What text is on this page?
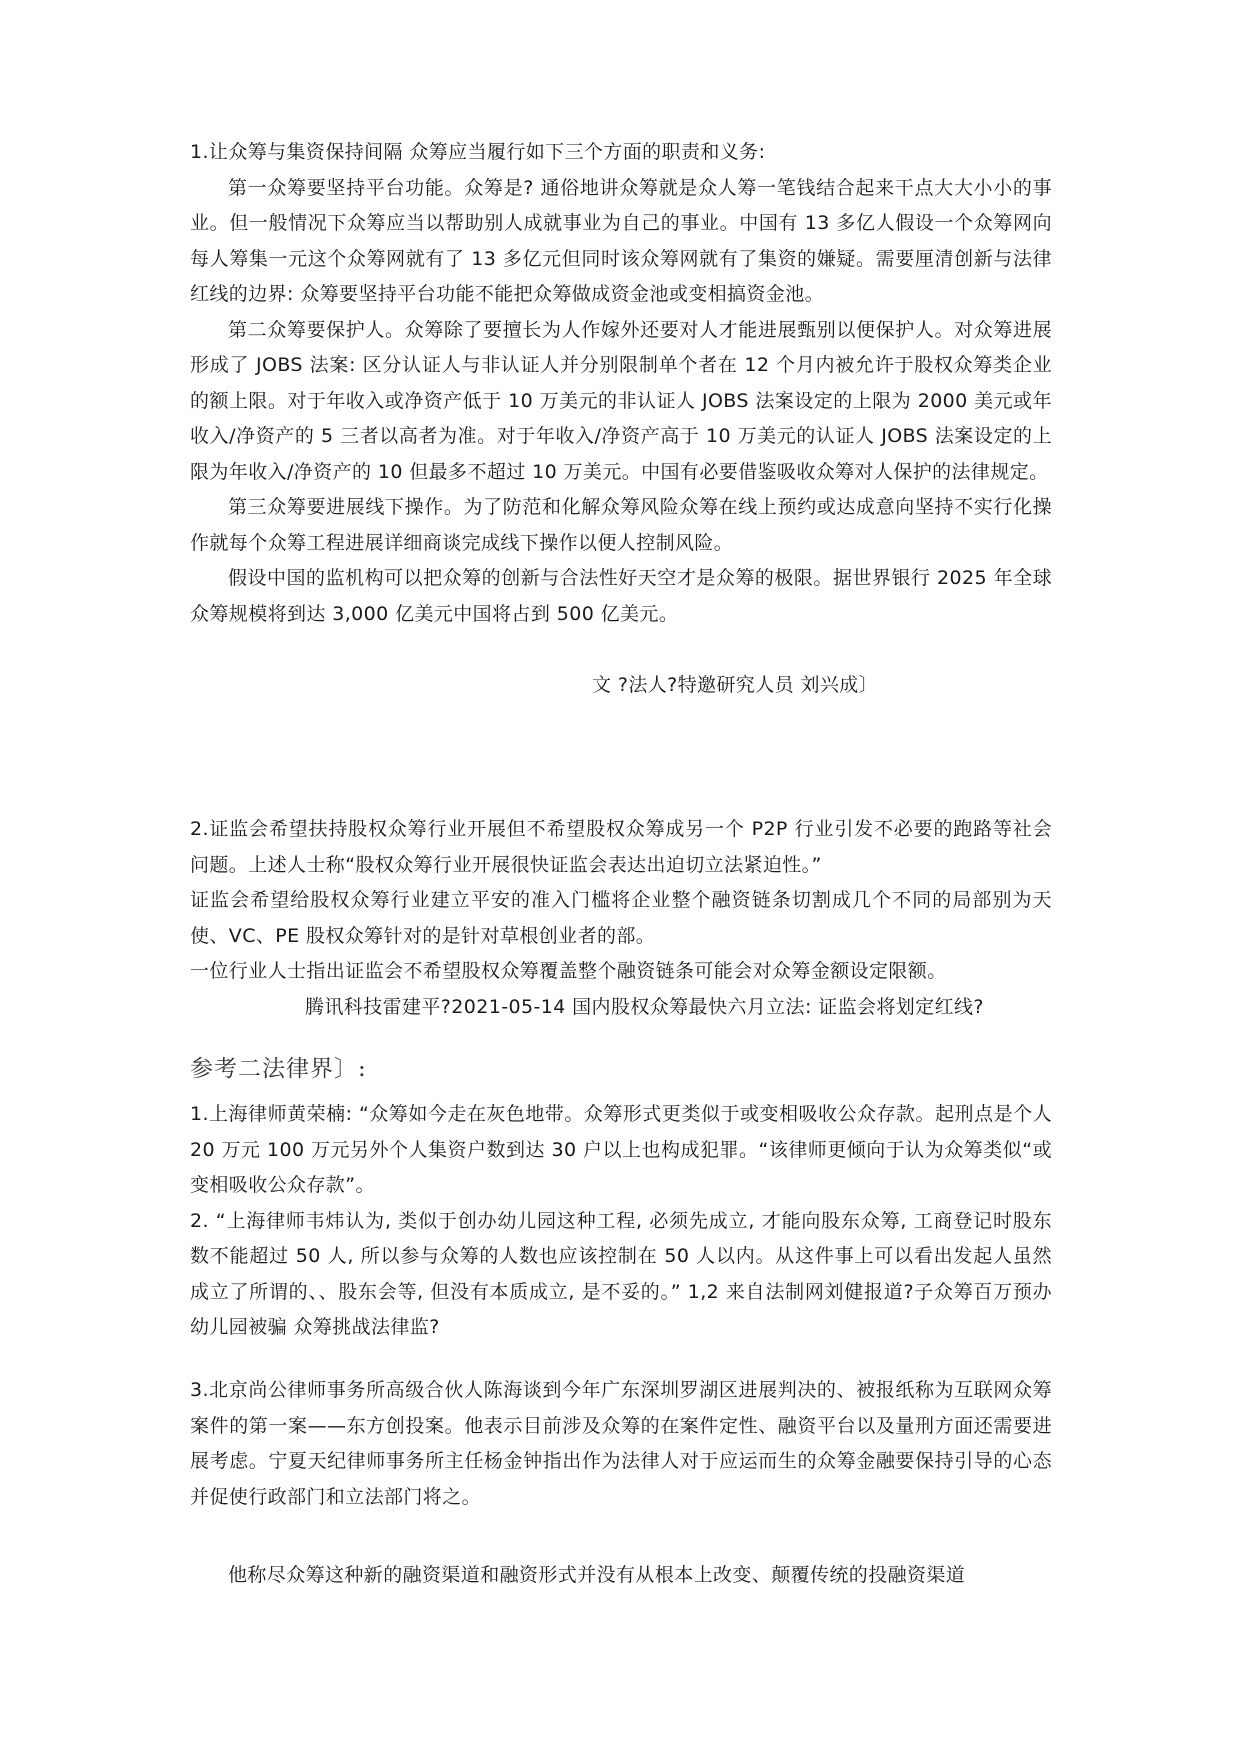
1.让众筹与集资保持间隔 众筹应当履行如下三个方面的职责和义务:

第一众筹要坚持平台功能。众筹是? 通俗地讲众筹就是众人筹一笔钱结合起来干点大大小小的事业。但一般情况下众筹应当以帮助别人成就事业为自己的事业。中国有 13 多亿人假设一个众筹网向每人筹集一元这个众筹网就有了 13 多亿元但同时该众筹网就有了集资的嫌疑。需要厘清创新与法律红线的边界: 众筹要坚持平台功能不能把众筹做成资金池或变相搞资金池。

第二众筹要保护人。众筹除了要擅长为人作嫁外还要对人才能进展甄别以便保护人。对众筹进展形成了 JOBS 法案: 区分认证人与非认证人并分别限制单个者在 12 个月内被允许于股权众筹类企业的额上限。对于年收入或净资产低于 10 万美元的非认证人 JOBS 法案设定的上限为 2000 美元或年收入/净资产的 5 三者以高者为准。对于年收入/净资产高于 10 万美元的认证人 JOBS 法案设定的上限为年收入/净资产的 10 但最多不超过 10 万美元。中国有必要借鉴吸收众筹对人保护的法律规定。

第三众筹要进展线下操作。为了防范和化解众筹风险众筹在线上预约或达成意向坚持不实行化操作就每个众筹工程进展详细商谈完成线下操作以便人控制风险。

假设中国的监机构可以把众筹的创新与合法性好天空才是众筹的极限。据世界银行 2025 年全球众筹规模将到达 3,000 亿美元中国将占到 500 亿美元。

文 ?法人?特邀研究人员 刘兴成〕

2.证监会希望扶持股权众筹行业开展但不希望股权众筹成另一个 P2P 行业引发不必要的跑路等社会问题。上述人士称“股权众筹行业开展很快证监会表达出迫切立法紧迫性。”

证监会希望给股权众筹行业建立平安的准入门槛将企业整个融资链条切割成几个不同的局部别为天使、VC、PE 股权众筹针对的是针对草根创业者的部。

一位行业人士指出证监会不希望股权众筹覆盖整个融资链条可能会对众筹金额设定限额。

腾讯科技雷建平?2021-05-14 国内股权众筹最快六月立法: 证监会将划定红线?
参考二法律界〕:

1.上海律师黄荣楠: “众筹如今走在灰色地带。众筹形式更类似于或变相吸收公众存款。起刑点是个人 20 万元 100 万元另外个人集资户数到达 30 户以上也构成犯罪。“该律师更倾向于认为众筹类似“或变相吸收公众存款”。

2. “上海律师韦炜认为, 类似于创办幼儿园这种工程, 必须先成立, 才能向股东众筹, 工商登记时股东数不能超过 50 人, 所以参与众筹的人数也应该控制在 50 人以内。从这件事上可以看出发起人虽然成立了所谓的、、股东会等, 但没有本质成立, 是不妥的。” 1,2 来自法制网刘健报道?子众筹百万预办幼儿园被骗 众筹挑战法律监?

3.北京尚公律师事务所高级合伙人陈海谈到今年广东深圳罗湖区进展判决的、被报纸称为互联网众筹案件的第一案——东方创投案。他表示目前涉及众筹的在案件定性、融资平台以及量刑方面还需要进展考虑。宁夏天纪律师事务所主任杨金钟指出作为法律人对于应运而生的众筹金融要保持引导的心态并促使行政部门和立法部门将之。

他称尽众筹这种新的融资渠道和融资形式并没有从根本上改变、颠覆传统的投融资渠道
